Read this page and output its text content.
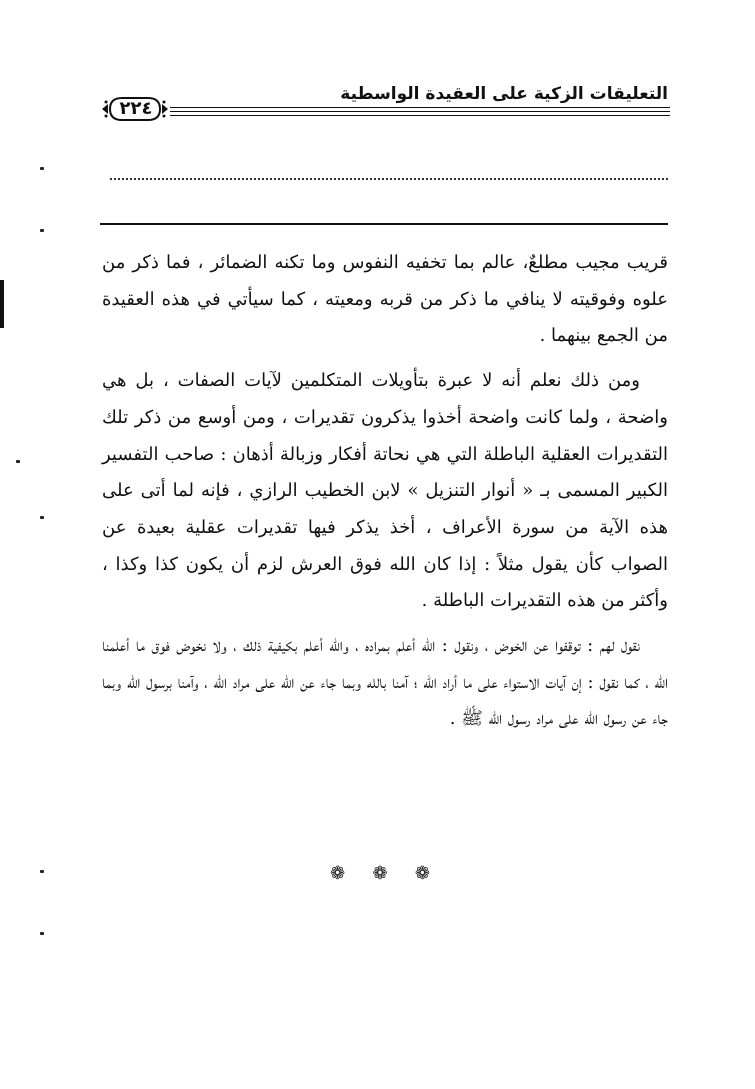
التعليقات الزكية على العقيدة الواسطية
٢٢٤

قريب مجيب مطلعٌ، عالم بما تخفيه النفوس وما تكنه الضمائر ، فما ذكر من علوه وفوقيته لا ينافي ما ذكر من قربه ومعيته ، كما سيأتي في هذه العقيدة من الجمع بينهما .

ومن ذلك نعلم أنه لا عبرة بتأويلات المتكلمين لآيات الصفات ، بل هي واضحة ، ولما كانت واضحة أخذوا يذكرون تقديرات ، ومن أوسع من ذكر تلك التقديرات العقلية الباطلة التي هي نحاتة أفكار وزبالة أذهان : صاحب التفسير الكبير المسمى بـ « أنوار التنزيل » لابن الخطيب الرازي ، فإنه لما أتى على هذه الآية من سورة الأعراف ، أخذ يذكر فيها تقديرات عقلية بعيدة عن الصواب كأن يقول مثلاً : إذا كان الله فوق العرش لزم أن يكون كذا وكذا ، وأكثر من هذه التقديرات الباطلة .

نقول لهم : توقفوا عن الخوض ، ونقول : الله أعلم بمراده ، والله أعلم بكيفية ذلك ، ولا نخوض فوق ما أعلمنا الله ، كما نقول : إن آيات الاستواء على ما أراد الله ؛ آمنا بالله وبما جاء عن الله على مراد الله ، وآمنا برسول الله وبما جاء عن رسول الله على مراد رسول الله ﷺ .

❁ ❁ ❁
